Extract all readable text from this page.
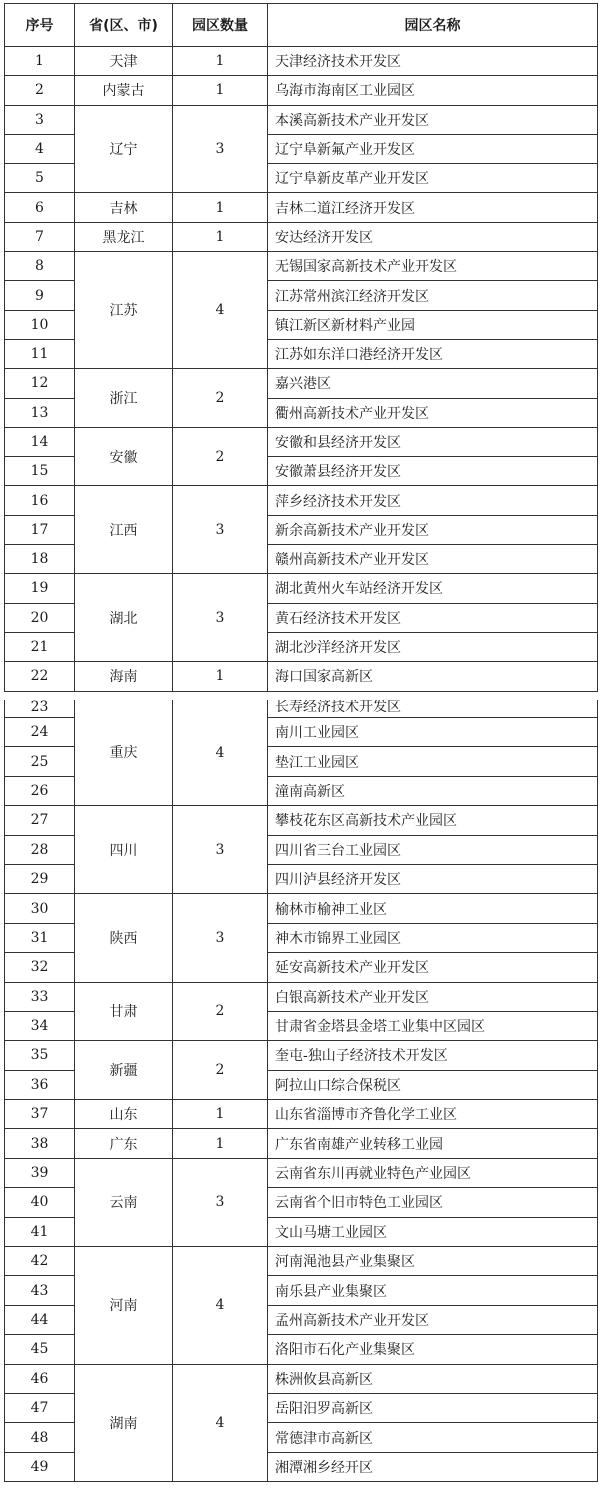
序号	省(区、市)	园区数量	园区名称
1	天津	1	天津经济技术开发区
2	内蒙古	1	乌海市海南区工业园区
3	辽宁	3	本溪高新技术产业开发区
4			辽宁阜新氟产业开发区
5			辽宁阜新皮革产业开发区
6	吉林	1	吉林二道江经济开发区
7	黑龙江	1	安达经济开发区
8	江苏	4	无锡国家高新技术产业开发区
9			江苏常州滨江经济开发区
10			镇江新区新材料产业园
11			江苏如东洋口港经济开发区
12	浙江	2	嘉兴港区
13			衢州高新技术产业开发区
14	安徽	2	安徽和县经济开发区
15			安徽萧县经济开发区
16	江西	3	萍乡经济技术开发区
17			新余高新技术产业开发区
18			赣州高新技术产业开发区
19	湖北	3	湖北黄州火车站经济开发区
20			黄石经济技术开发区
21			湖北沙洋经济开发区
22	海南	1	海口国家高新区
23	重庆	4	长寿经济技术开发区
24			南川工业园区
25			垫江工业园区
26			潼南高新区
27	四川	3	攀枝花东区高新技术产业园区
28			四川省三台工业园区
29			四川泸县经济开发区
30	陕西	3	榆林市榆神工业区
31			神木市锦界工业园区
32			延安高新技术产业开发区
33	甘肃	2	白银高新技术产业开发区
34			甘肃省金塔县金塔工业集中区园区
35	新疆	2	奎屯-独山子经济技术开发区
36			阿拉山口综合保税区
37	山东	1	山东省淄博市齐鲁化学工业区
38	广东	1	广东省南雄产业转移工业园
39	云南	3	云南省东川再就业特色产业园区
40			云南省个旧市特色工业园区
41			文山马塘工业园区
42	河南	4	河南渑池县产业集聚区
43			南乐县产业集聚区
44			孟州高新技术产业开发区
45			洛阳市石化产业集聚区
46	湖南	4	株洲攸县高新区
47			岳阳汨罗高新区
48			常德津市高新区
49			湘潭湘乡经开区
